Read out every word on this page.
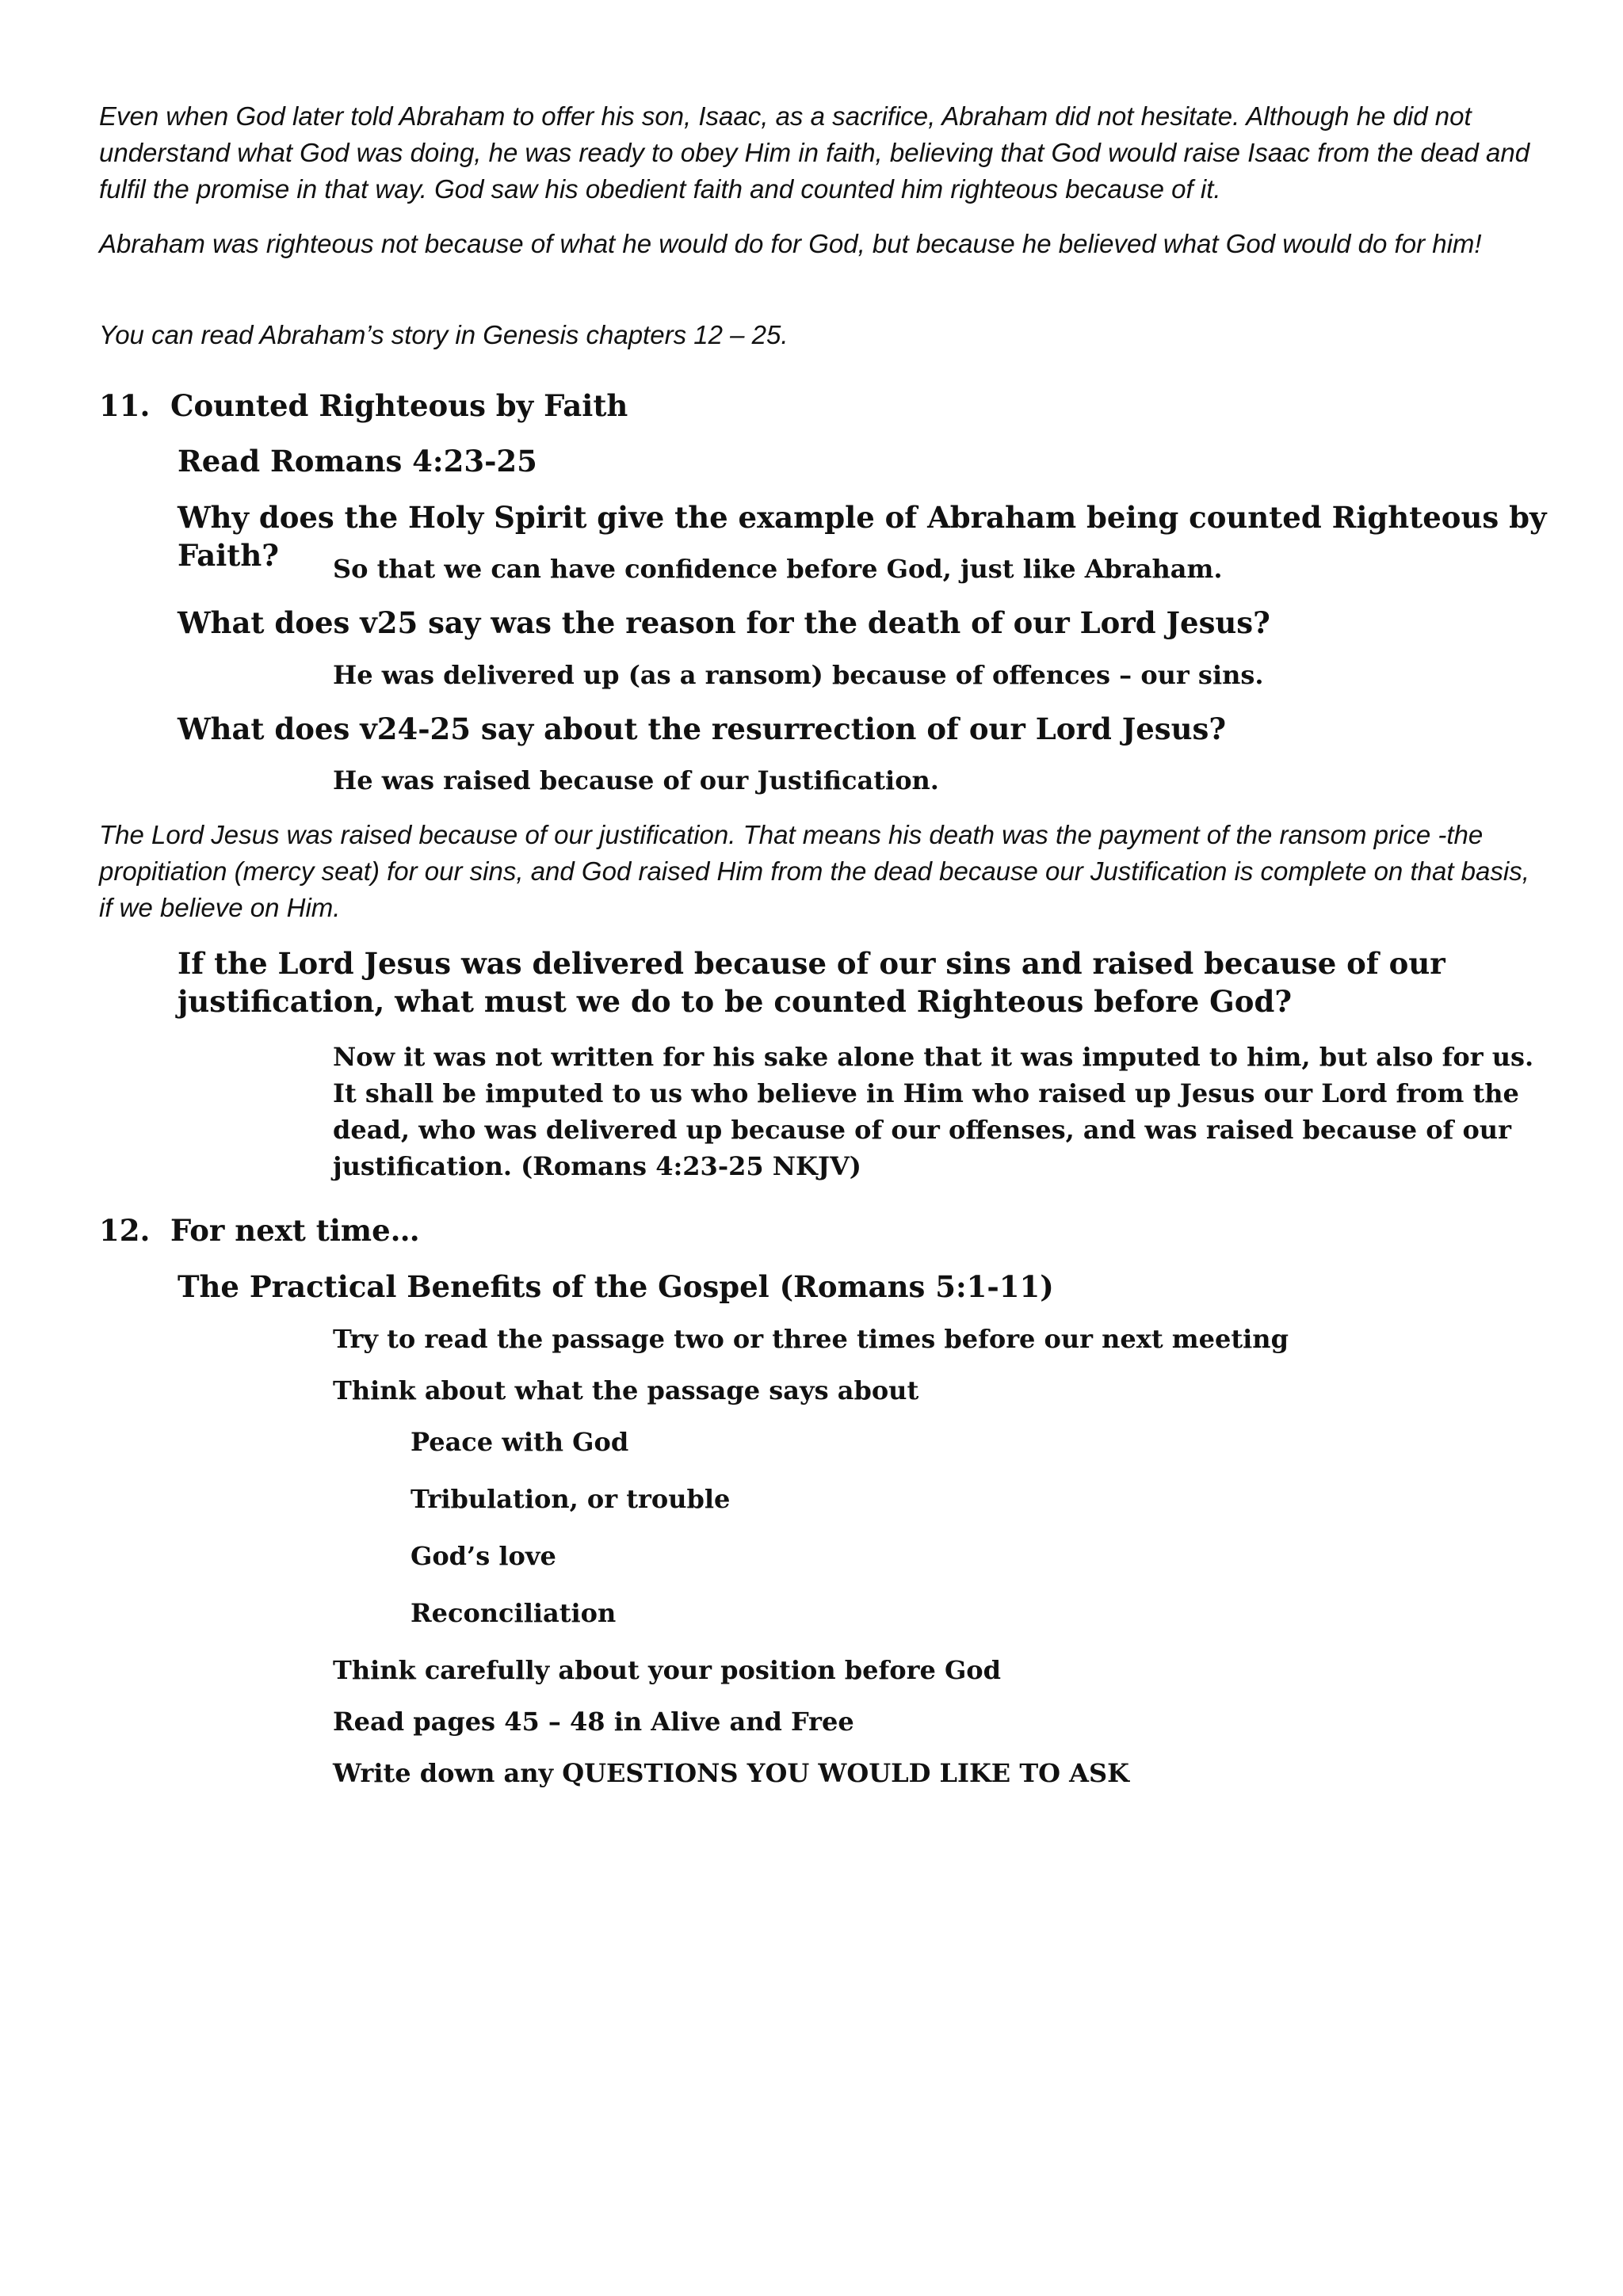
Even when God later told Abraham to offer his son, Isaac, as a sacrifice, Abraham did not hesitate. Although he did not understand what God was doing, he was ready to obey Him in faith, believing that God would raise Isaac from the dead and fulfil the promise in that way. God saw his obedient faith and counted him righteous because of it.

Abraham was righteous not because of what he would do for God, but because he believed what God would do for him!

You can read Abraham’s story in Genesis chapters 12 – 25.

11. Counted Righteous by Faith

Read Romans 4:23-25

Why does the Holy Spirit give the example of Abraham being counted Righteous by Faith?	So that we can have confidence before God, just like Abraham.

What does v25 say was the reason for the death of our Lord Jesus?

He was delivered up (as a ransom) because of offences – our sins.

What does v24-25 say about the resurrection of our Lord Jesus?

He was raised because of our Justification.

The Lord Jesus was raised because of our justification. That means his death was the payment of the ransom price -the propitiation (mercy seat) for our sins, and God raised Him from the dead because our Justification is complete on that basis, if we believe on Him.

If the Lord Jesus was delivered because of our sins and raised because of our justification, what must we do to be counted Righteous before God?

Now it was not written for his sake alone that it was imputed to him, but also for us. It shall be imputed to us who believe in Him who raised up Jesus our Lord from the dead, who was delivered up because of our offenses, and was raised because of our justification. (Romans 4:23-25 NKJV)

12. For next time…

The Practical Benefits of the Gospel (Romans 5:1-11)

Try to read the passage two or three times before our next meeting

Think about what the passage says about

Peace with God

Tribulation, or trouble

God’s love

Reconciliation

Think carefully about your position before God

Read pages 45 – 48 in Alive and Free

Write down any QUESTIONS YOU WOULD LIKE TO ASK
